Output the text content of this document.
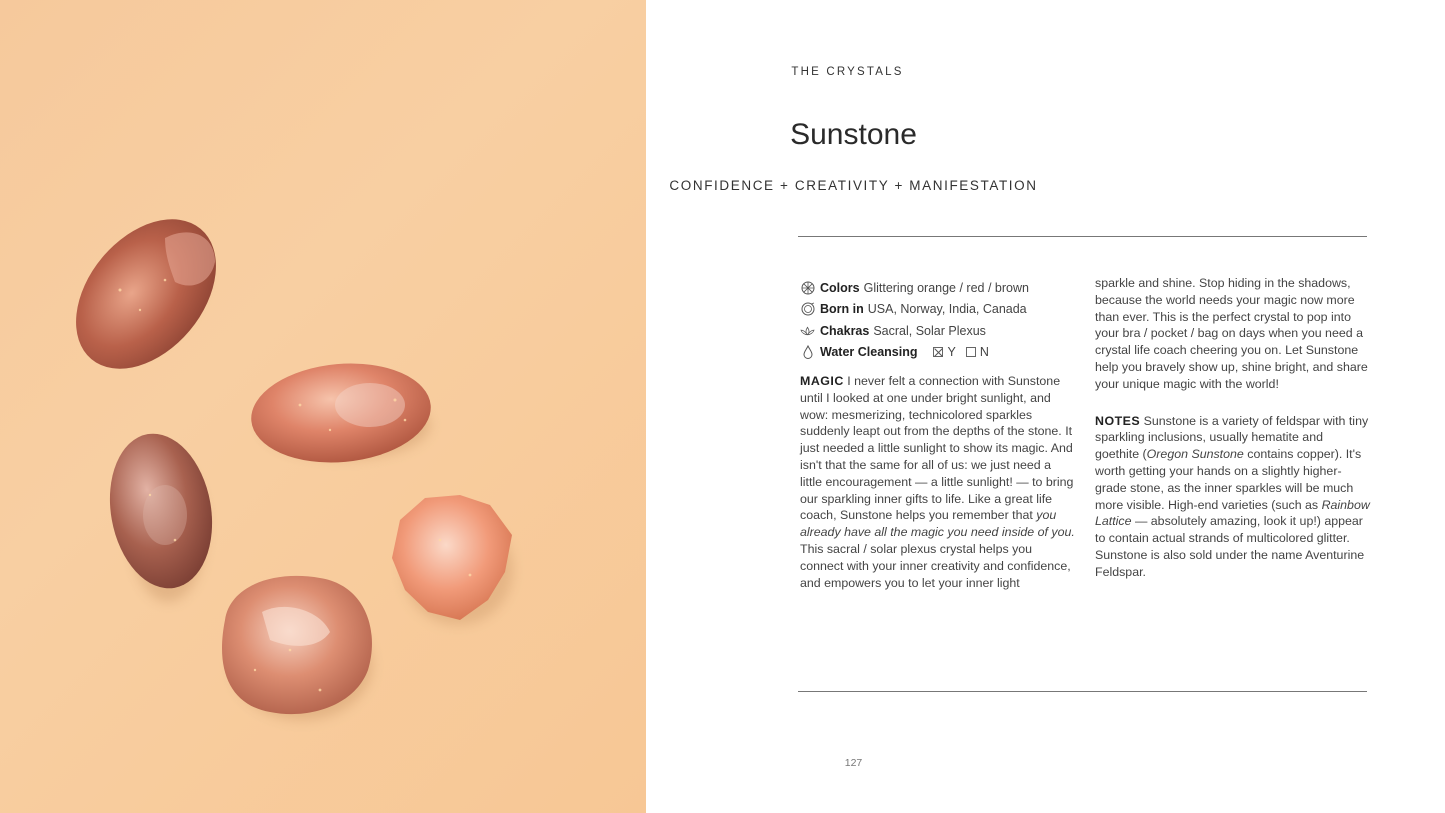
THE CRYSTALS
Sunstone
CONFIDENCE + CREATIVITY + MANIFESTATION
Colors Glittering orange / red / brown
Born in USA, Norway, India, Canada
Chakras Sacral, Solar Plexus
Water Cleansing Y N

MAGIC I never felt a connection with Sunstone until I looked at one under bright sunlight, and wow: mesmerizing, technicolored sparkles suddenly leapt out from the depths of the stone. It just needed a little sunlight to show its magic. And isn't that the same for all of us: we just need a little encouragement — a little sunlight! — to bring our sparkling inner gifts to life. Like a great life coach, Sunstone helps you remember that you already have all the magic you need inside of you. This sacral / solar plexus crystal helps you connect with your inner creativity and confidence, and empowers you to let your inner light

sparkle and shine. Stop hiding in the shadows, because the world needs your magic now more than ever. This is the perfect crystal to pop into your bra / pocket / bag on days when you need a crystal life coach cheering you on. Let Sunstone help you bravely show up, shine bright, and share your unique magic with the world!

NOTES Sunstone is a variety of feldspar with tiny sparkling inclusions, usually hematite and goethite (Oregon Sunstone contains copper). It's worth getting your hands on a slightly higher-grade stone, as the inner sparkles will be much more visible. High-end varieties (such as Rainbow Lattice — absolutely amazing, look it up!) appear to contain actual strands of multicolored glitter. Sunstone is also sold under the name Aventurine Feldspar.

127
